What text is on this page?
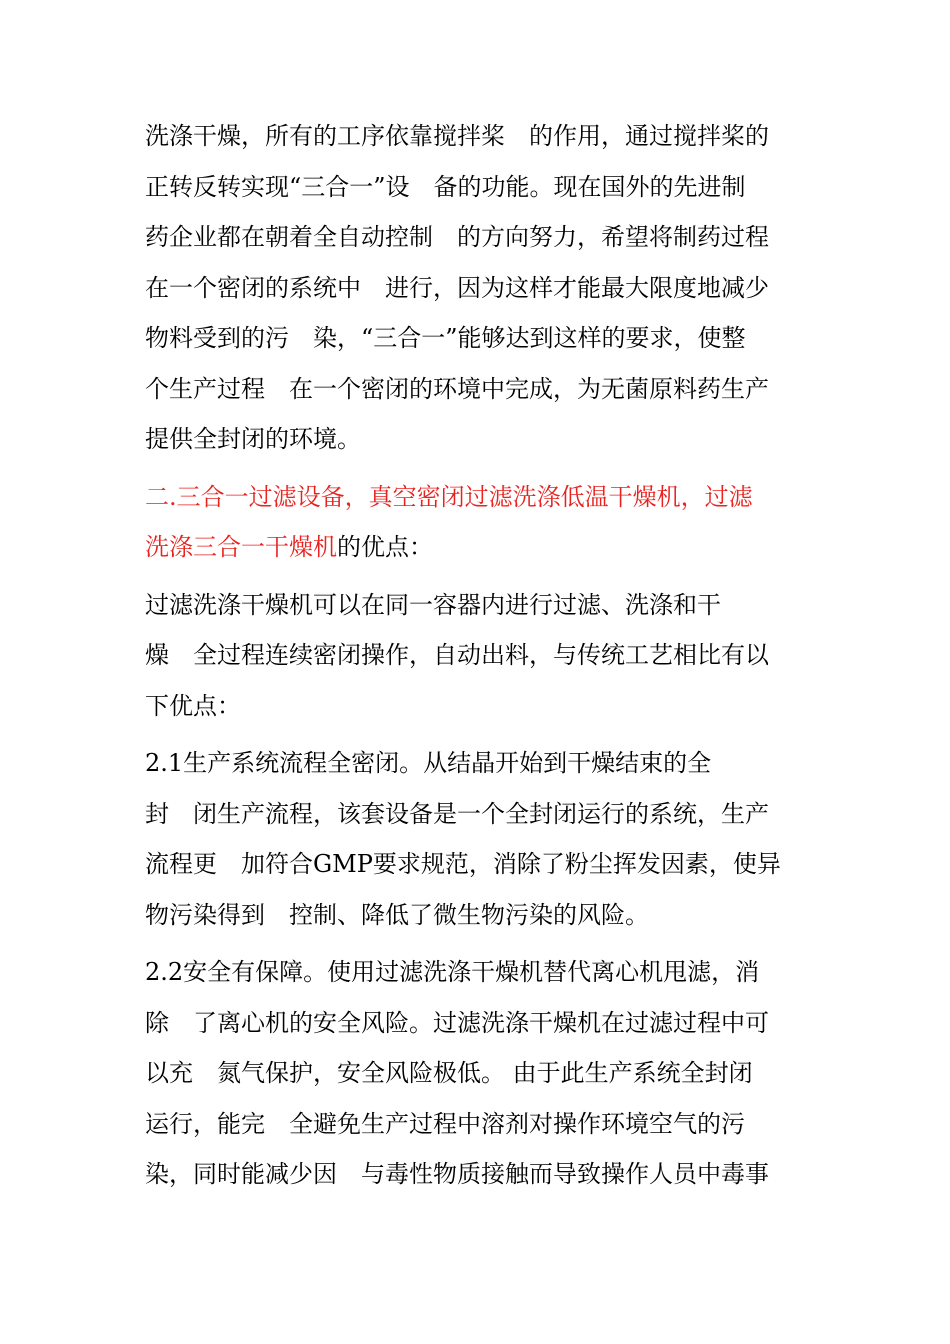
洗涤干燥，所有的工序依靠搅拌桨　的作用，通过搅拌桨的
正转反转实现“三合一”设　备的功能。现在国外的先进制
药企业都在朝着全自动控制　的方向努力，希望将制药过程
在一个密闭的系统中　进行，因为这样才能最大限度地减少
物料受到的污　染，“三合一”能够达到这样的要求，使整
个生产过程　在一个密闭的环境中完成，为无菌原料药生产
提供全封闭的环境。
二.三合一过滤设备，真空密闭过滤洗涤低温干燥机，过滤
洗涤三合一干燥机的优点：
过滤洗涤干燥机可以在同一容器内进行过滤、洗涤和干
燥　全过程连续密闭操作，自动出料，与传统工艺相比有以
下优点：
2.1生产系统流程全密闭。从结晶开始到干燥结束的全
封　闭生产流程，该套设备是一个全封闭运行的系统，生产
流程更　加符合GMP要求规范，消除了粉尘挥发因素，使异
物污染得到　控制、降低了微生物污染的风险。
2.2安全有保障。使用过滤洗涤干燥机替代离心机甩滤，消
除　了离心机的安全风险。过滤洗涤干燥机在过滤过程中可
以充　氮气保护，安全风险极低。 由于此生产系统全封闭
运行，能完　全避免生产过程中溶剂对操作环境空气的污
染，同时能减少因　与毒性物质接触而导致操作人员中毒事
